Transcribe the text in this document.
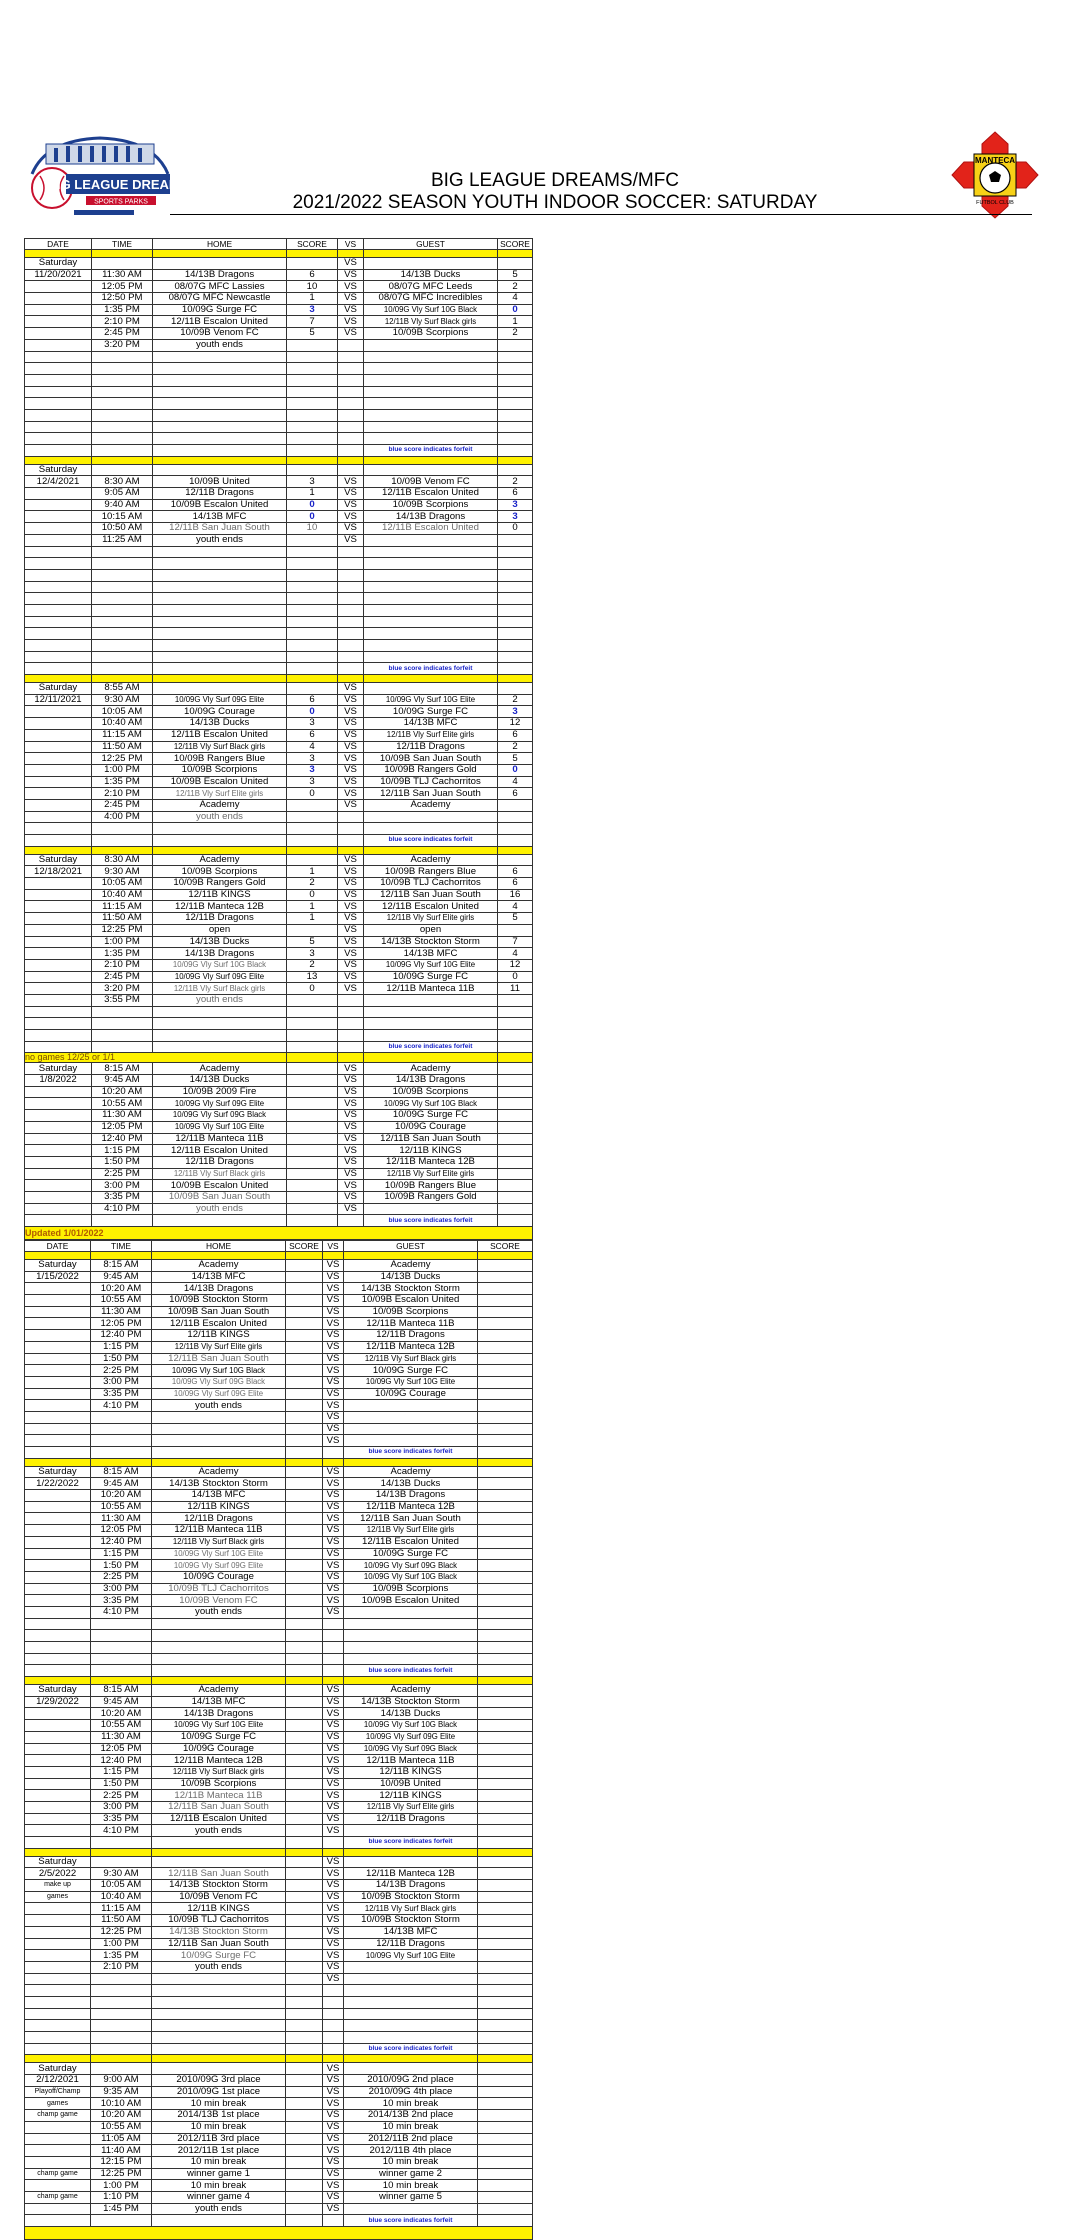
BIG LEAGUE DREAMS
SPORTS PARKS
MANTECA
FUTBOL CLUB
BIG LEAGUE DREAMS/MFC
2021/2022 SEASON YOUTH INDOOR SOCCER: SATURDAY
DATE	TIME	HOME	SCORE	VS	GUEST	SCORE

Saturday				VS		
11/20/2021	11:30 AM	14/13B Dragons	6	VS	14/13B Ducks	5
	12:05 PM	08/07G MFC Lassies	10	VS	08/07G MFC Leeds	2
	12:50 PM	08/07G MFC Newcastle	1	VS	08/07G MFC Incredibles	4
	1:35 PM	10/09G Surge FC	3	VS	10/09G Vly Surf 10G Black	0
	2:10 PM	12/11B Escalon United	7	VS	12/11B Vly Surf Black girls	1
	2:45 PM	10/09B Venom FC	5	VS	10/09B Scorpions	2
	3:20 PM	youth ends				

					blue score indicates forfeit	

Saturday						
12/4/2021	8:30 AM	10/09B United	3	VS	10/09B Venom FC	2
	9:05 AM	12/11B Dragons	1	VS	12/11B Escalon United	6
	9:40 AM	10/09B Escalon United	0	VS	10/09B Scorpions	3
	10:15 AM	14/13B MFC	0	VS	14/13B Dragons	3
	10:50 AM	12/11B San Juan South	10	VS	12/11B Escalon United	0
	11:25 AM	youth ends		VS		

					blue score indicates forfeit	

Saturday	8:55 AM			VS		
12/11/2021	9:30 AM	10/09G Vly Surf 09G Elite	6	VS	10/09G Vly Surf 10G Elite	2
	10:05 AM	10/09G Courage	0	VS	10/09G Surge FC	3
	10:40 AM	14/13B Ducks	3	VS	14/13B MFC	12
	11:15 AM	12/11B Escalon United	6	VS	12/11B Vly Surf Elite girls	6
	11:50 AM	12/11B Vly Surf Black girls	4	VS	12/11B Dragons	2
	12:25 PM	10/09B Rangers Blue	3	VS	10/09B San Juan South	5
	1:00 PM	10/09B Scorpions	3	VS	10/09B Rangers Gold	0
	1:35 PM	10/09B Escalon United	3	VS	10/09B TLJ Cachorritos	4
	2:10 PM	12/11B Vly Surf Elite girls	0	VS	12/11B San Juan South	6
	2:45 PM	Academy		VS	Academy	
	4:00 PM	youth ends				

					blue score indicates forfeit	

Saturday	8:30 AM	Academy		VS	Academy	
12/18/2021	9:30 AM	10/09B Scorpions	1	VS	10/09B Rangers Blue	6
	10:05 AM	10/09B Rangers Gold	2	VS	10/09B TLJ Cachorritos	6
	10:40 AM	12/11B KINGS	0	VS	12/11B San Juan South	16
	11:15 AM	12/11B Manteca 12B	1	VS	12/11B Escalon United	4
	11:50 AM	12/11B Dragons	1	VS	12/11B Vly Surf Elite girls	5
	12:25 PM	open		VS	open	
	1:00 PM	14/13B Ducks	5	VS	14/13B Stockton Storm	7
	1:35 PM	14/13B Dragons	3	VS	14/13B MFC	4
	2:10 PM	10/09G Vly Surf 10G Black	2	VS	10/09G Vly Surf 10G Elite	12
	2:45 PM	10/09G Vly Surf 09G Elite	13	VS	10/09G Surge FC	0
	3:20 PM	12/11B Vly Surf Black girls	0	VS	12/11B Manteca 11B	11
	3:55 PM	youth ends				

					blue score indicates forfeit	
no games 12/25 or 1/1						
Saturday	8:15 AM	Academy		VS	Academy	
1/8/2022	9:45 AM	14/13B Ducks		VS	14/13B Dragons	
	10:20 AM	10/09B 2009 Fire		VS	10/09B Scorpions	
	10:55 AM	10/09G Vly Surf 09G Elite		VS	10/09G Vly Surf 10G Black	
	11:30 AM	10/09G Vly Surf 09G Black		VS	10/09G Surge FC	
	12:05 PM	10/09G Vly Surf 10G Elite		VS	10/09G Courage	
	12:40 PM	12/11B Manteca 11B		VS	12/11B San Juan South	
	1:15 PM	12/11B Escalon United		VS	12/11B KINGS	
	1:50 PM	12/11B Dragons		VS	12/11B Manteca 12B	
	2:25 PM	12/11B Vly Surf Black girls		VS	12/11B Vly Surf Elite girls	
	3:00 PM	10/09B Escalon United		VS	10/09B Rangers Blue	
	3:35 PM	10/09B San Juan South		VS	10/09B Rangers Gold	
	4:10 PM	youth ends		VS		
					blue score indicates forfeit	
Updated 1/01/2022						
DATE	TIME	HOME	SCORE	VS	GUEST	SCORE

Saturday	8:15 AM	Academy		VS	Academy	
1/15/2022	9:45 AM	14/13B MFC		VS	14/13B Ducks	
	10:20 AM	14/13B Dragons		VS	14/13B Stockton Storm	
	10:55 AM	10/09B Stockton Storm		VS	10/09B Escalon United	
	11:30 AM	10/09B San Juan South		VS	10/09B Scorpions	
	12:05 PM	12/11B Escalon United		VS	12/11B Manteca 11B	
	12:40 PM	12/11B KINGS		VS	12/11B Dragons	
	1:15 PM	12/11B Vly Surf Elite girls		VS	12/11B Manteca 12B	
	1:50 PM	12/11B San Juan South		VS	12/11B Vly Surf Black girls	
	2:25 PM	10/09G Vly Surf 10G Black		VS	10/09G Surge FC	
	3:00 PM	10/09G Vly Surf 09G Black		VS	10/09G Vly Surf 10G Elite	
	3:35 PM	10/09G Vly Surf 09G Elite		VS	10/09G Courage	
	4:10 PM	youth ends		VS		
				VS		
				VS		
				VS		
					blue score indicates forfeit	

Saturday	8:15 AM	Academy		VS	Academy	
1/22/2022	9:45 AM	14/13B Stockton Storm		VS	14/13B Ducks	
	10:20 AM	14/13B MFC		VS	14/13B Dragons	
	10:55 AM	12/11B KINGS		VS	12/11B Manteca 12B	
	11:30 AM	12/11B Dragons		VS	12/11B San Juan South	
	12:05 PM	12/11B Manteca 11B		VS	12/11B Vly Surf Elite girls	
	12:40 PM	12/11B Vly Surf Black girls		VS	12/11B Escalon United	
	1:15 PM	10/09G Vly Surf 10G Elite		VS	10/09G Surge FC	
	1:50 PM	10/09G Vly Surf 09G Elite		VS	10/09G Vly Surf 09G Black	
	2:25 PM	10/09G Courage		VS	10/09G Vly Surf 10G Black	
	3:00 PM	10/09B TLJ Cachorritos		VS	10/09B Scorpions	
	3:35 PM	10/09B Venom FC		VS	10/09B Escalon United	
	4:10 PM	youth ends		VS		

					blue score indicates forfeit	

Saturday	8:15 AM	Academy		VS	Academy	
1/29/2022	9:45 AM	14/13B MFC		VS	14/13B Stockton Storm	
	10:20 AM	14/13B Dragons		VS	14/13B Ducks	
	10:55 AM	10/09G Vly Surf 10G Elite		VS	10/09G Vly Surf 10G Black	
	11:30 AM	10/09G Surge FC		VS	10/09G Vly Surf 09G Elite	
	12:05 PM	10/09G Courage		VS	10/09G Vly Surf 09G Black	
	12:40 PM	12/11B Manteca 12B		VS	12/11B Manteca 11B	
	1:15 PM	12/11B Vly Surf Black girls		VS	12/11B KINGS	
	1:50 PM	10/09B Scorpions		VS	10/09B United	
	2:25 PM	12/11B Manteca 11B		VS	12/11B KINGS	
	3:00 PM	12/11B San Juan South		VS	12/11B Vly Surf Elite girls	
	3:35 PM	12/11B Escalon United		VS	12/11B Dragons	
	4:10 PM	youth ends		VS		
					blue score indicates forfeit	

Saturday				VS		
2/5/2022	9:30 AM	12/11B San Juan South		VS	12/11B Manteca 12B	
make up	10:05 AM	14/13B Stockton Storm		VS	14/13B Dragons	
games	10:40 AM	10/09B Venom FC		VS	10/09B Stockton Storm	
	11:15 AM	12/11B KINGS		VS	12/11B Vly Surf Black girls	
	11:50 AM	10/09B TLJ Cachorritos		VS	10/09B Stockton Storm	
	12:25 PM	14/13B Stockton Storm		VS	14/13B MFC	
	1:00 PM	12/11B San Juan South		VS	12/11B Dragons	
	1:35 PM	10/09G Surge FC		VS	10/09G Vly Surf 10G Elite	
	2:10 PM	youth ends		VS		
				VS		

					blue score indicates forfeit	

Saturday				VS		
2/12/2021	9:00 AM	2010/09G 3rd place		VS	2010/09G 2nd place	
Playoff/Champ	9:35 AM	2010/09G 1st place		VS	2010/09G 4th place	
games	10:10 AM	10 min break		VS	10 min break	
champ game	10:20 AM	2014/13B 1st place		VS	2014/13B 2nd place	
	10:55 AM	10 min break		VS	10 min break	
	11:05 AM	2012/11B 3rd place		VS	2012/11B 2nd place	
	11:40 AM	2012/11B 1st place		VS	2012/11B 4th place	
	12:15 PM	10 min break		VS	10 min break	
champ game	12:25 PM	winner game 1		VS	winner game 2	
	1:00 PM	10 min break		VS	10 min break	
champ game	1:10 PM	winner game 4		VS	winner game 5	
	1:45 PM	youth ends		VS		
					blue score indicates forfeit	
